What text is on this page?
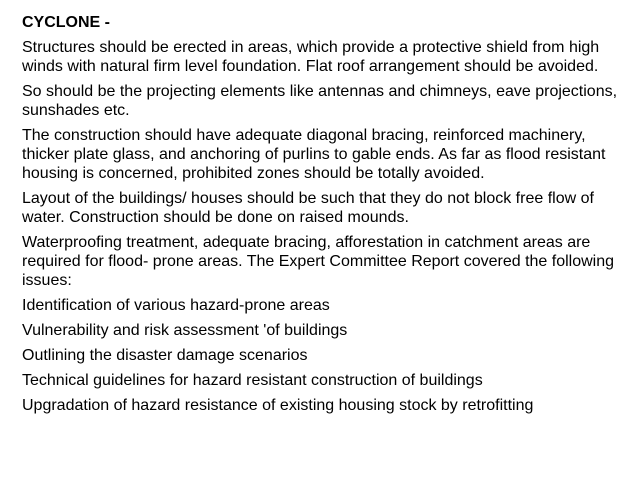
CYCLONE -
Structures should be erected in areas, which provide a protective shield from high winds with natural firm level foundation. Flat roof arrangement should be avoided.
So should be the projecting elements like antennas and chimneys, eave projections, sunshades etc.
The construction should have adequate diagonal bracing, reinforced machinery, thicker plate glass, and anchoring of purlins to gable ends. As far as flood resistant housing is concerned, prohibited zones should be totally avoided.
Layout of the buildings/ houses should be such that they do not block free flow of water. Construction should be done on raised mounds.
Waterproofing treatment, adequate bracing, afforestation in catchment areas are required for flood- prone areas. The Expert Committee Report covered the following issues:
Identification of various hazard-prone areas
Vulnerability and risk assessment 'of buildings
Outlining the disaster damage scenarios
Technical guidelines for hazard resistant construction of buildings
Upgradation of hazard resistance of existing housing stock by retrofitting
